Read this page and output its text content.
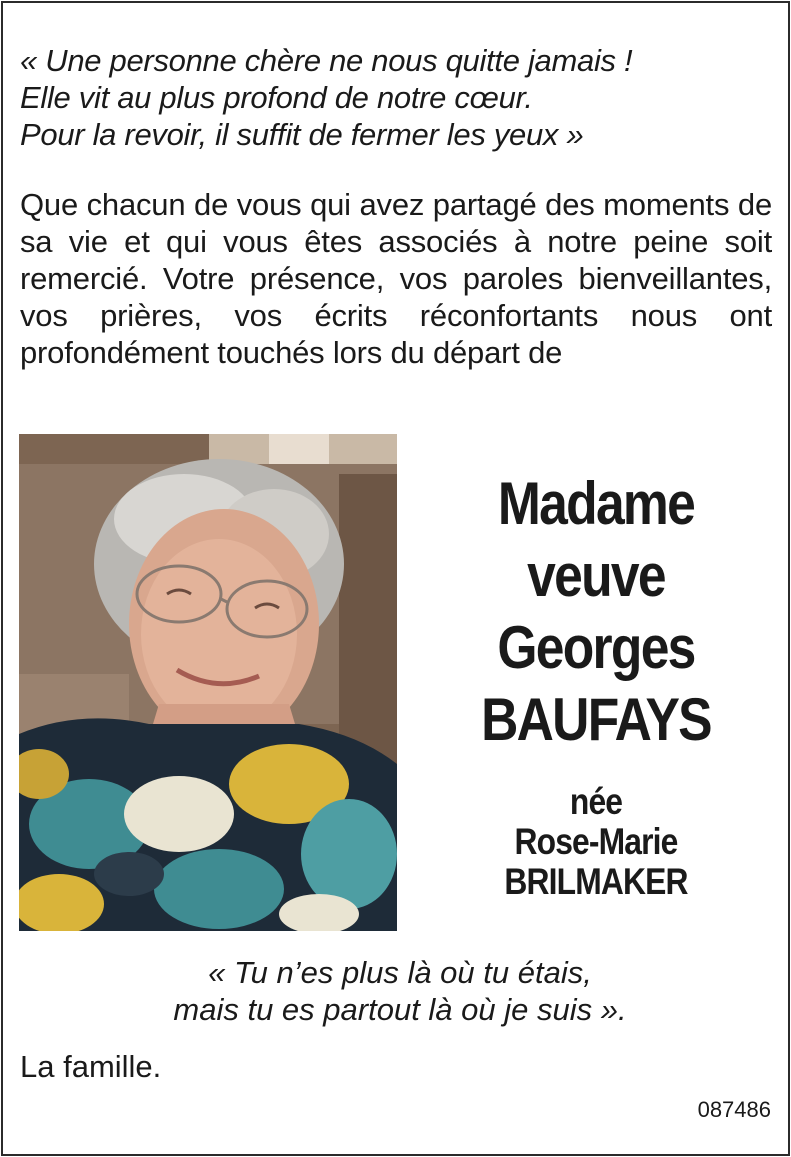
« Une personne chère ne nous quitte jamais !
Elle vit au plus profond de notre cœur.
Pour la revoir, il suffit de fermer les yeux »
Que chacun de vous qui avez partagé des moments de sa vie et qui vous êtes associés à notre peine soit remercié. Votre présence, vos paroles bienveillantes, vos prières, vos écrits réconfortants nous ont profondément touchés lors du départ de
Madame
veuve
Georges
BAUFAYS
née
Rose-Marie
BRILMAKER
« Tu n’es plus là où tu étais,
mais tu es partout là où je suis ».
La famille.
087486
